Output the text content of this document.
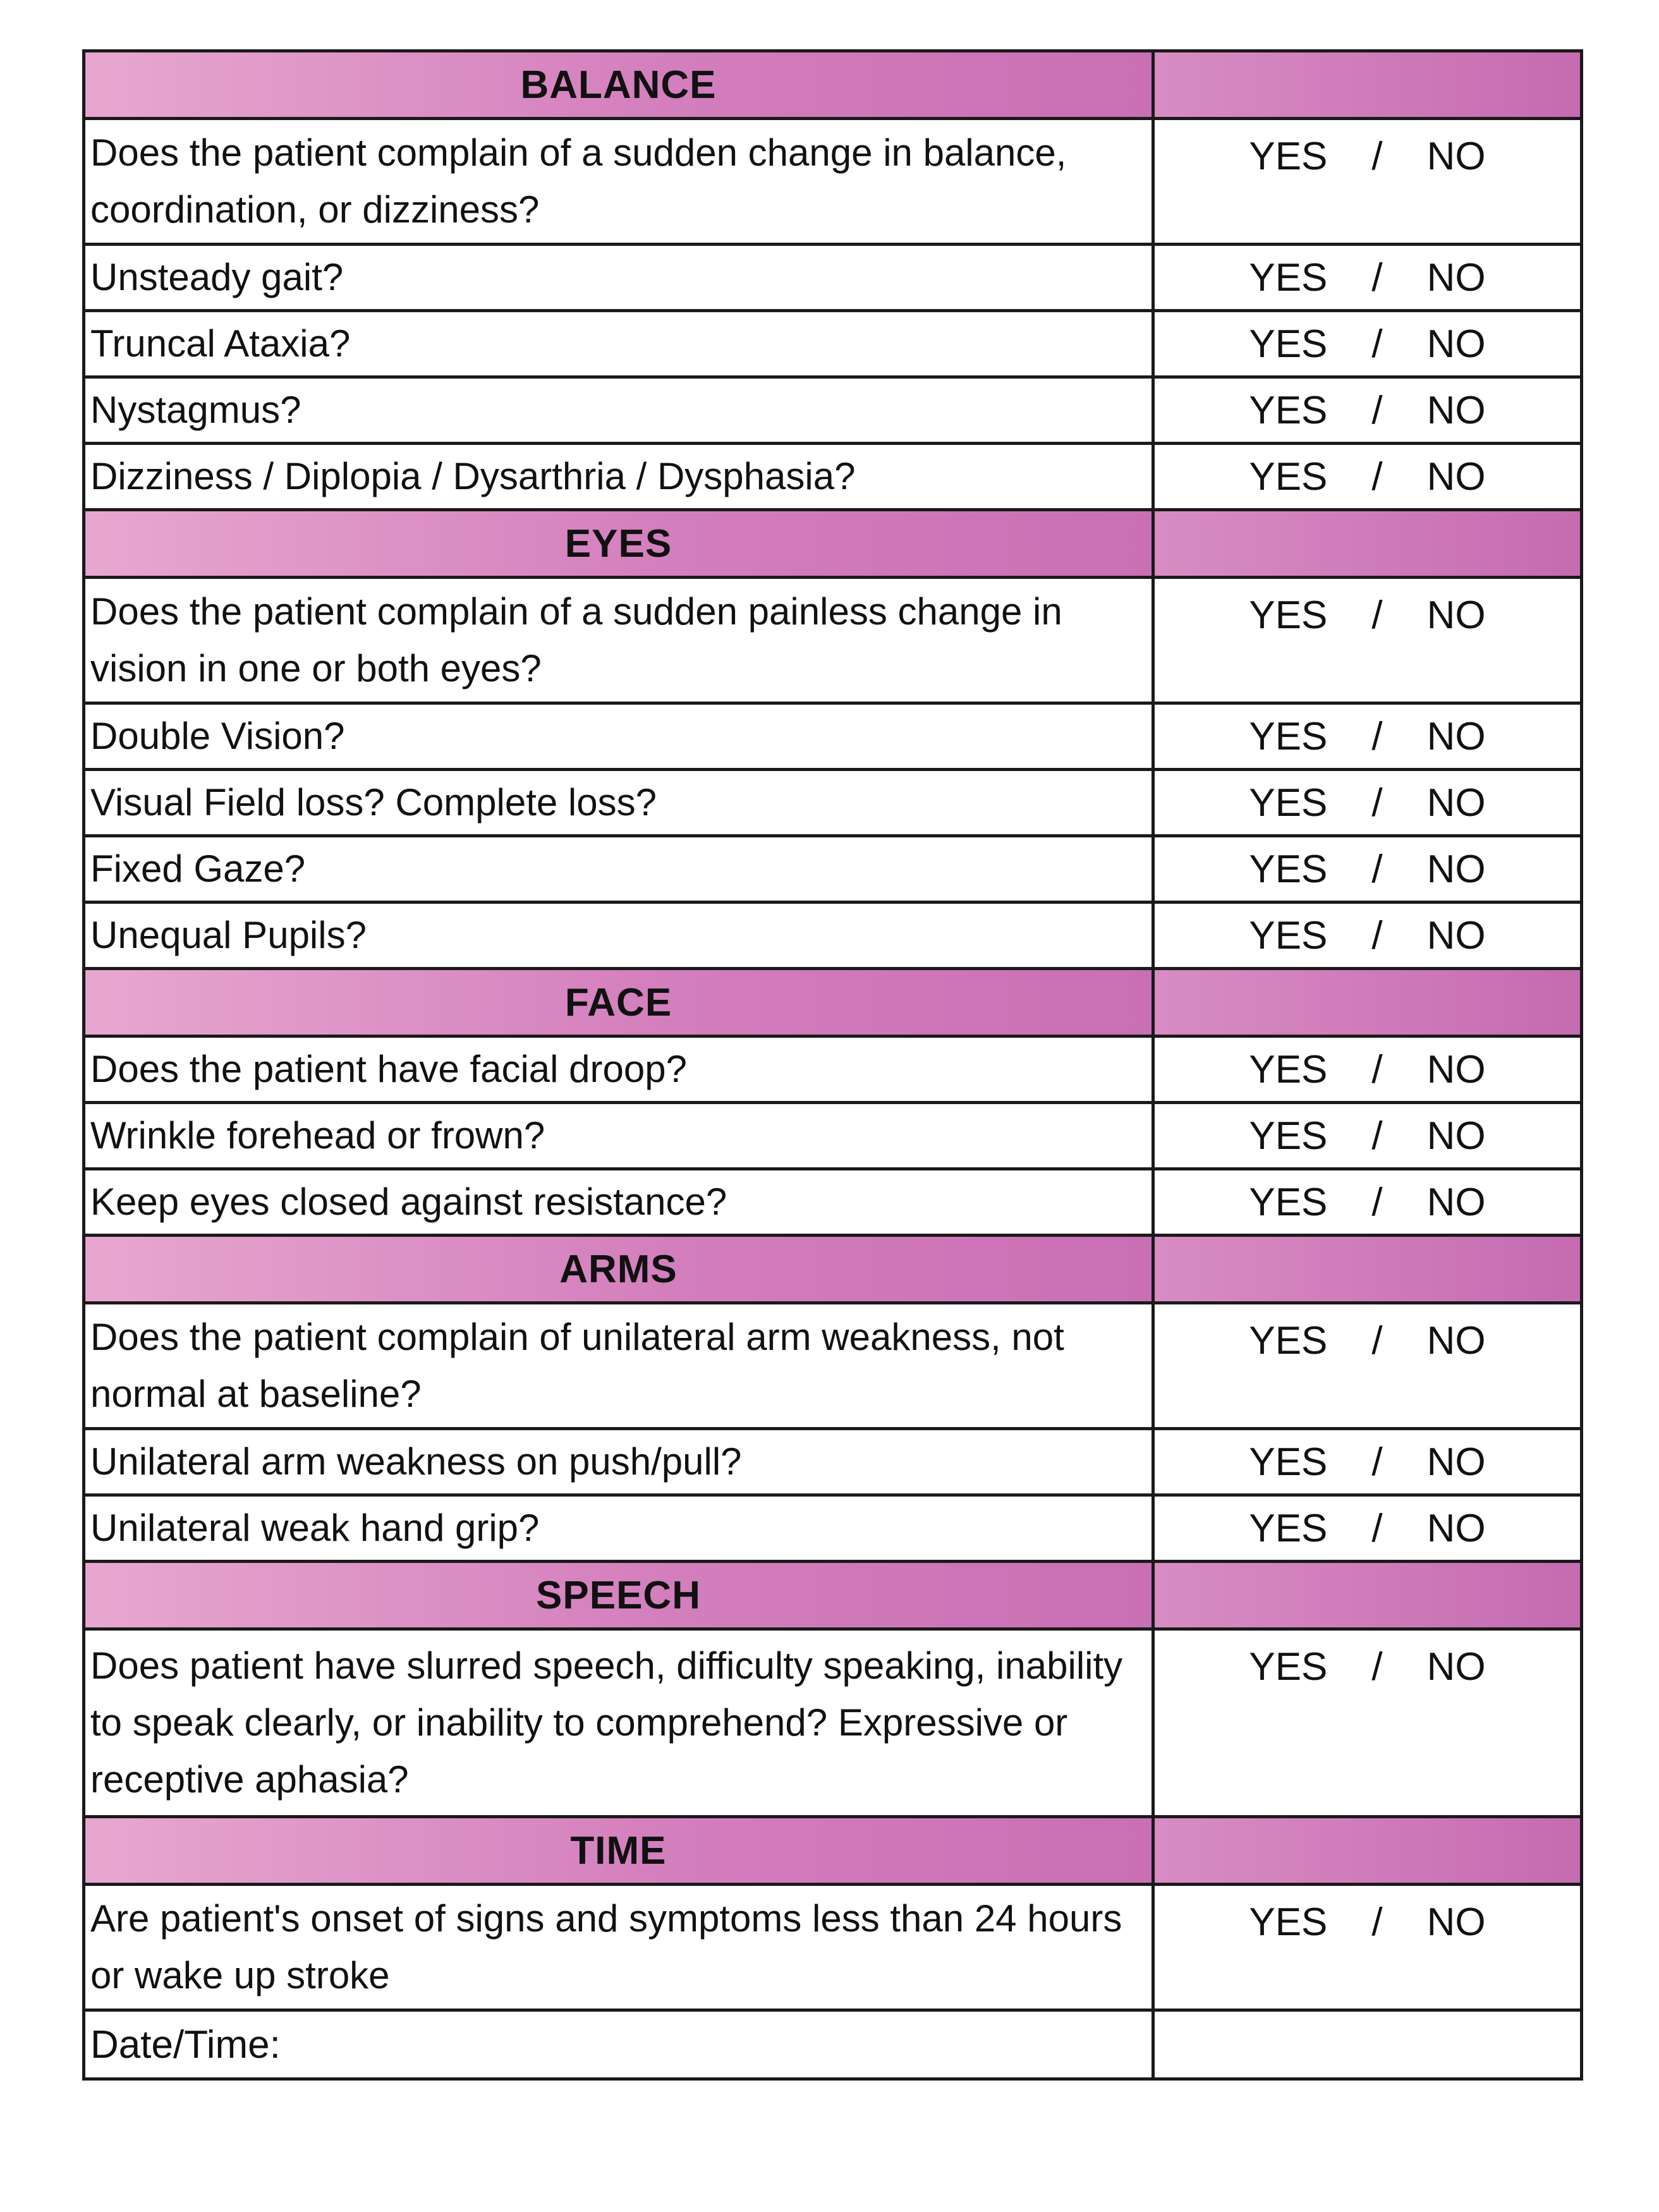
BALANCE	
Does the patient complain of a sudden change in balance, coordination, or dizziness?	YES / NO

Unsteady gait?	YES / NO

Truncal Ataxia?	YES / NO

Nystagmus?	YES / NO

Dizziness / Diplopia / Dysarthria / Dysphasia?	YES / NO

EYES	
Does the patient complain of a sudden painless change in vision in one or both eyes?	YES / NO

Double Vision?	YES / NO

Visual Field loss? Complete loss?	YES / NO

Fixed Gaze?	YES / NO

Unequal Pupils?	YES / NO

FACE	
Does the patient have facial droop?	YES / NO

Wrinkle forehead or frown?	YES / NO

Keep eyes closed against resistance?	YES / NO

ARMS	
Does the patient complain of unilateral arm weakness, not normal at baseline?	YES / NO

Unilateral arm weakness on push/pull?	YES / NO

Unilateral weak hand grip?	YES / NO

SPEECH	
Does patient have slurred speech, difficulty speaking, inability to speak clearly, or inability to comprehend? Expressive or receptive aphasia?	YES / NO

TIME	
Are patient's onset of signs and symptoms less than 24 hours or wake up stroke	YES / NO

Date/Time:	
